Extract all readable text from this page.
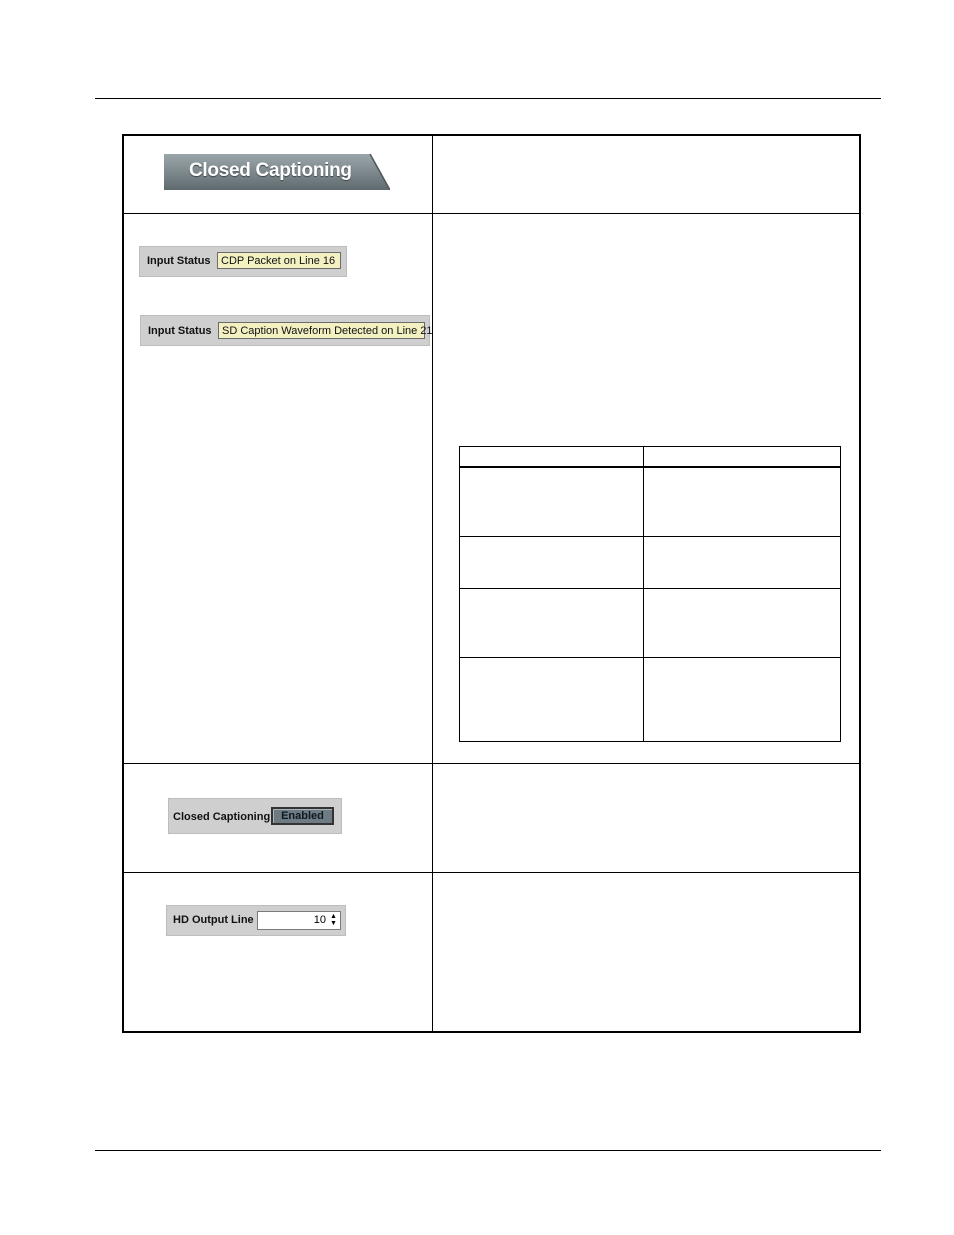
Closed Captioning
Input Status CDP Packet on Line 16
Input Status SD Caption Waveform Detected on Line 21
Closed Captioning Enabled
HD Output Line	10 ▲
▼
